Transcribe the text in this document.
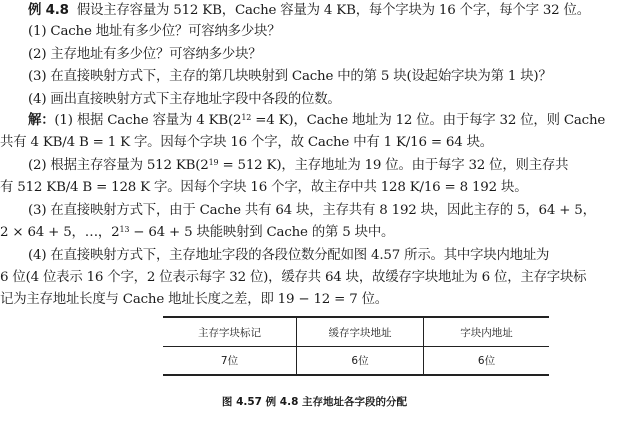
例 4.8 假设主存容量为 512 KB，Cache 容量为 4 KB，每个字块为 16 个字，每个字 32 位。
(1) Cache 地址有多少位？可容纳多少块？
(2) 主存地址有多少位？可容纳多少块？
(3) 在直接映射方式下，主存的第几块映射到 Cache 中的第 5 块(设起始字块为第 1 块)？
(4) 画出直接映射方式下主存地址字段中各段的位数。
解：(1) 根据 Cache 容量为 4 $KB(2^{12} =4$ K)，Cache 地址为 12 位。由于每字 32 位，则 Cache
共有 4 KB/4 B = 1 K 字。因每个字块 16 个字，故 Cache 中有 1 K/16 = 64 块。
(2) 根据主存容量为 512 $KB(2^{19} = 512$ K)，主存地址为 19 位。由于每字 32 位，则主存共
有 512 KB/4 B = 128 K 字。因每个字块 16 个字，故主存中共 128 K/16 = 8 192 块。
(3) 在直接映射方式下，由于 Cache 共有 64 块，主存共有 8 192 块，因此主存的 5，64 + 5，
2 × 64 + 5，…，$2^{13} - 64 + 5$ 块能映射到 Cache 的第 5 块中。
(4) 在直接映射方式下，主存地址字段的各段位数分配如图 4.57 所示。其中字块内地址为
6 位(4 位表示 16 个字，2 位表示每字 32 位)，缓存共 64 块，故缓存字块地址为 6 位，主存字块标
记为主存地址长度与 Cache 地址长度之差，即 19 − 12 = 7 位。
主存字块标记	缓存字块地址	字块内地址
7位	6位	6位
图 4.57 例 4.8 主存地址各字段的分配
